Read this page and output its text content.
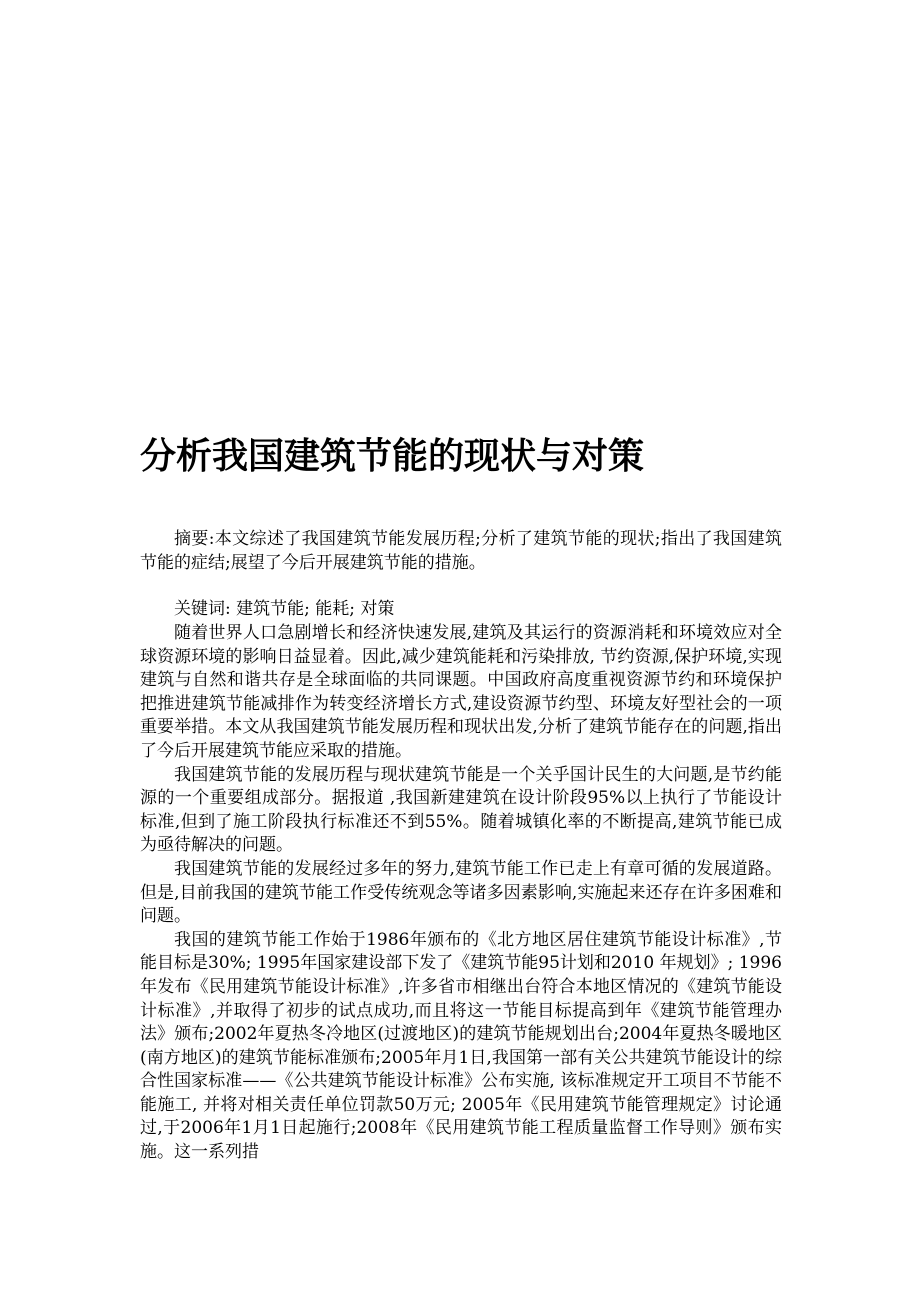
分析我国建筑节能的现状与对策

摘要:本文综述了我国建筑节能发展历程;分析了建筑节能的现状;指出了我国建筑节能的症结;展望了今后开展建筑节能的措施。

关键词: 建筑节能; 能耗; 对策

随着世界人口急剧增长和经济快速发展,建筑及其运行的资源消耗和环境效应对全球资源环境的影响日益显着。因此,减少建筑能耗和污染排放, 节约资源,保护环境,实现建筑与自然和谐共存是全球面临的共同课题。中国政府高度重视资源节约和环境保护把推进建筑节能减排作为转变经济增长方式,建设资源节约型、环境友好型社会的一项重要举措。本文从我国建筑节能发展历程和现状出发,分析了建筑节能存在的问题,指出了今后开展建筑节能应采取的措施。

我国建筑节能的发展历程与现状建筑节能是一个关乎国计民生的大问题,是节约能源的一个重要组成部分。据报道 ,我国新建建筑在设计阶段95%以上执行了节能设计标准,但到了施工阶段执行标准还不到55%。随着城镇化率的不断提高,建筑节能已成为亟待解决的问题。

我国建筑节能的发展经过多年的努力,建筑节能工作已走上有章可循的发展道路。但是,目前我国的建筑节能工作受传统观念等诸多因素影响,实施起来还存在许多困难和问题。

我国的建筑节能工作始于1986年颁布的《北方地区居住建筑节能设计标准》,节能目标是30%; 1995年国家建设部下发了《建筑节能95计划和2010 年规划》; 1996年发布《民用建筑节能设计标准》,许多省市相继出台符合本地区情况的《建筑节能设计标准》,并取得了初步的试点成功,而且将这一节能目标提高到年《建筑节能管理办法》颁布;2002年夏热冬冷地区(过渡地区)的建筑节能规划出台;2004年夏热冬暖地区(南方地区)的建筑节能标准颁布;2005年月1日,我国第一部有关公共建筑节能设计的综合性国家标准——《公共建筑节能设计标准》公布实施, 该标准规定开工项目不节能不能施工, 并将对相关责任单位罚款50万元; 2005年《民用建筑节能管理规定》讨论通过,于2006年1月1日起施行;2008年《民用建筑节能工程质量监督工作导则》颁布实施。这一系列措
